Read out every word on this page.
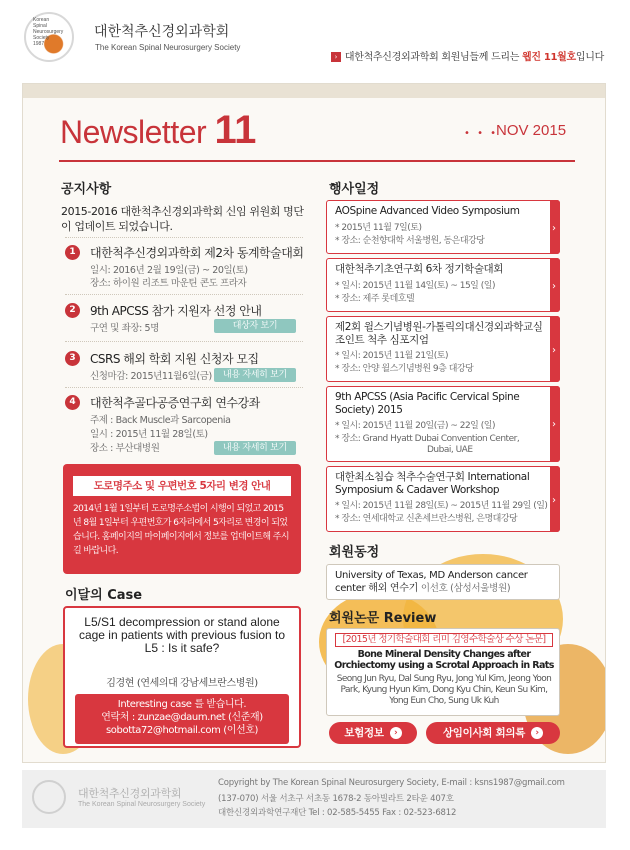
Korean
Spinal
Neurosurgery
Society
1987
대한척추신경외과학회
The Korean Spinal Neurosurgery Society
› 대한척추신경외과학회 회원님들께 드리는 웹진 11월호입니다
Newsletter 11	• • •
NOV 2015
공지사항
2015-2016 대한척추신경외과학회 신임 위원회 명단이 업데이트 되었습니다.
1	대한척추신경외과학회 제2차 동계학술대회
일시: 2016년 2월 19일(금) ~ 20일(토)
장소: 하이원 리조트 마운틴 콘도 프라자
2	9th APCSS 참가 지원자 선정 안내
구연 및 좌장: 5명	대상자 보기
3	CSRS 해외 학회 지원 신청자 모집
신청마감: 2015년11월6일(금)	내용 자세히 보기
4	대한척추골다공증연구회 연수강좌
주제 : Back Muscle과 Sarcopenia
일시 : 2015년 11월 28일(토)
장소 : 부산대병원	내용 자세히 보기
도로명주소 및 우편번호 5자리 변경 안내
2014년 1월 1일부터 도로명주소법이 시행이 되었고 2015년 8월 1일부터 우편번호가 6자리에서 5자리로 변경이 되었습니다. 홈페이지의 마이페이지에서 정보를 업데이트해 주시길 바랍니다.
이달의 Case
L5/S1 decompression or stand alone cage in patients with previous fusion to L5 : Is it safe?
김경현 (연세의대 강남세브란스병원)
Interesting case 를 받습니다.
연락처 : zunzae@daum.net (신준재)
sobotta72@hotmail.com (이선호)
행사일정
AOSpine Advanced Video Symposium
* 2015년 11월 7일(토)
* 장소: 순천향대학 서울병원, 동은대강당
›
대한척추기초연구회 6차 정기학술대회
* 일시: 2015년 11월 14일(토) ~ 15일 (일)
* 장소: 제주 롯데호텔
›
제2회 윌스기념병원-가톨릭의대신경외과학교실 조인트 척추 심포지엄
* 일시: 2015년 11월 21일(토)
* 장소: 안양 윌스기념병원 9층 대강당
›
9th APCSS (Asia Pacific Cervical Spine Society) 2015
* 일시: 2015년 11월 20일(금) ~ 22일 (일)
* 장소: Grand Hyatt Dubai Convention Center,
Dubai, UAE
›
대한최소침습 척추수술연구회 International Symposium & Cadaver Workshop
* 일시: 2015년 11월 28일(토) ~ 2015년 11월 29일 (일)
* 장소: 연세대학교 신촌세브란스병원, 은명대강당
›
회원동정
University of Texas, MD Anderson cancer center 해외 연수기 이선호 (삼성서울병원)
회원논문 Review
[2015년 정기학술대회 리미 김영수학술상 수상 논문]
Bone Mineral Density Changes after Orchiectomy using a Scrotal Approach in Rats
Seong Jun Ryu, Dal Sung Ryu, Jong Yul Kim, Jeong Yoon Park, Kyung Hyun Kim, Dong Kyu Chin, Keun Su Kim, Yong Eun Cho, Sung Uk Kuh
보험정보 ›	상임이사회 회의록 ›
대한척추신경외과학회
The Korean Spinal Neurosurgery Society
Copyright by The Korean Spinal Neurosurgery Society, E-mail : ksns1987@gmail.com
(137-070) 서울 서초구 서초동 1678-2 동아빌라트 2타운 407호
대한신경외과학연구재단 Tel : 02-585-5455 Fax : 02-523-6812
